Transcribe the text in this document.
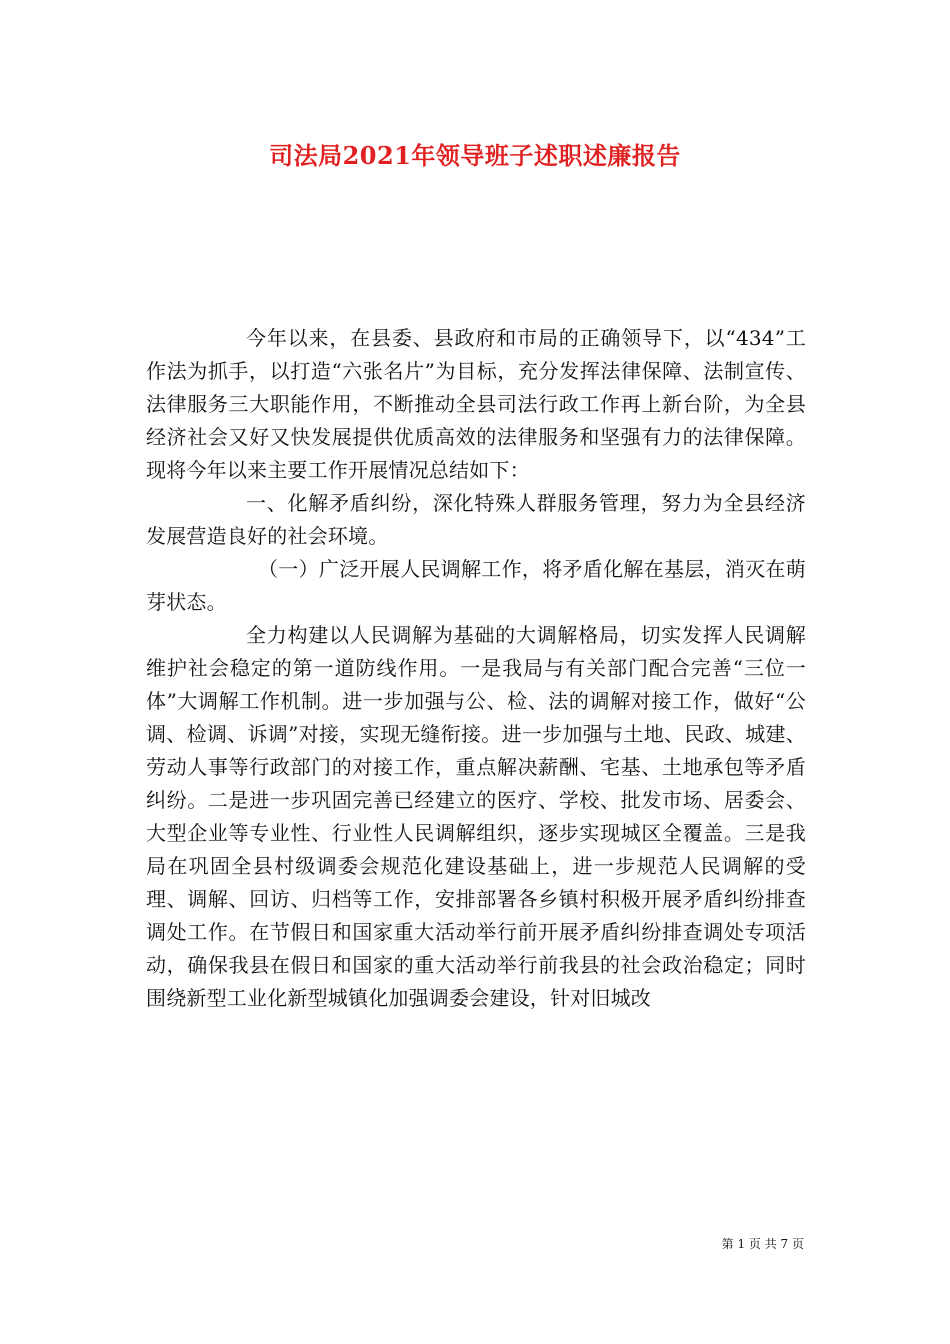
司法局2021年领导班子述职述廉报告

今年以来，在县委、县政府和市局的正确领导下，以“434”工作法为抓手，以打造“六张名片”为目标，充分发挥法律保障、法制宣传、法律服务三大职能作用，不断推动全县司法行政工作再上新台阶，为全县经济社会又好又快发展提供优质高效的法律服务和坚强有力的法律保障。现将今年以来主要工作开展情况总结如下：

一、化解矛盾纠纷，深化特殊人群服务管理，努力为全县经济发展营造良好的社会环境。

（一）广泛开展人民调解工作，将矛盾化解在基层，消灭在萌芽状态。

全力构建以人民调解为基础的大调解格局，切实发挥人民调解维护社会稳定的第一道防线作用。一是我局与有关部门配合完善“三位一体”大调解工作机制。进一步加强与公、检、法的调解对接工作，做好“公调、检调、诉调”对接，实现无缝衔接。进一步加强与土地、民政、城建、劳动人事等行政部门的对接工作，重点解决薪酬、宅基、土地承包等矛盾纠纷。二是进一步巩固完善已经建立的医疗、学校、批发市场、居委会、大型企业等专业性、行业性人民调解组织，逐步实现城区全覆盖。三是我局在巩固全县村级调委会规范化建设基础上，进一步规范人民调解的受理、调解、回访、归档等工作，安排部署各乡镇村积极开展矛盾纠纷排查调处工作。在节假日和国家重大活动举行前开展矛盾纠纷排查调处专项活动，确保我县在假日和国家的重大活动举行前我县的社会政治稳定；同时围绕新型工业化新型城镇化加强调委会建设，针对旧城改

第 1 页 共 7 页
